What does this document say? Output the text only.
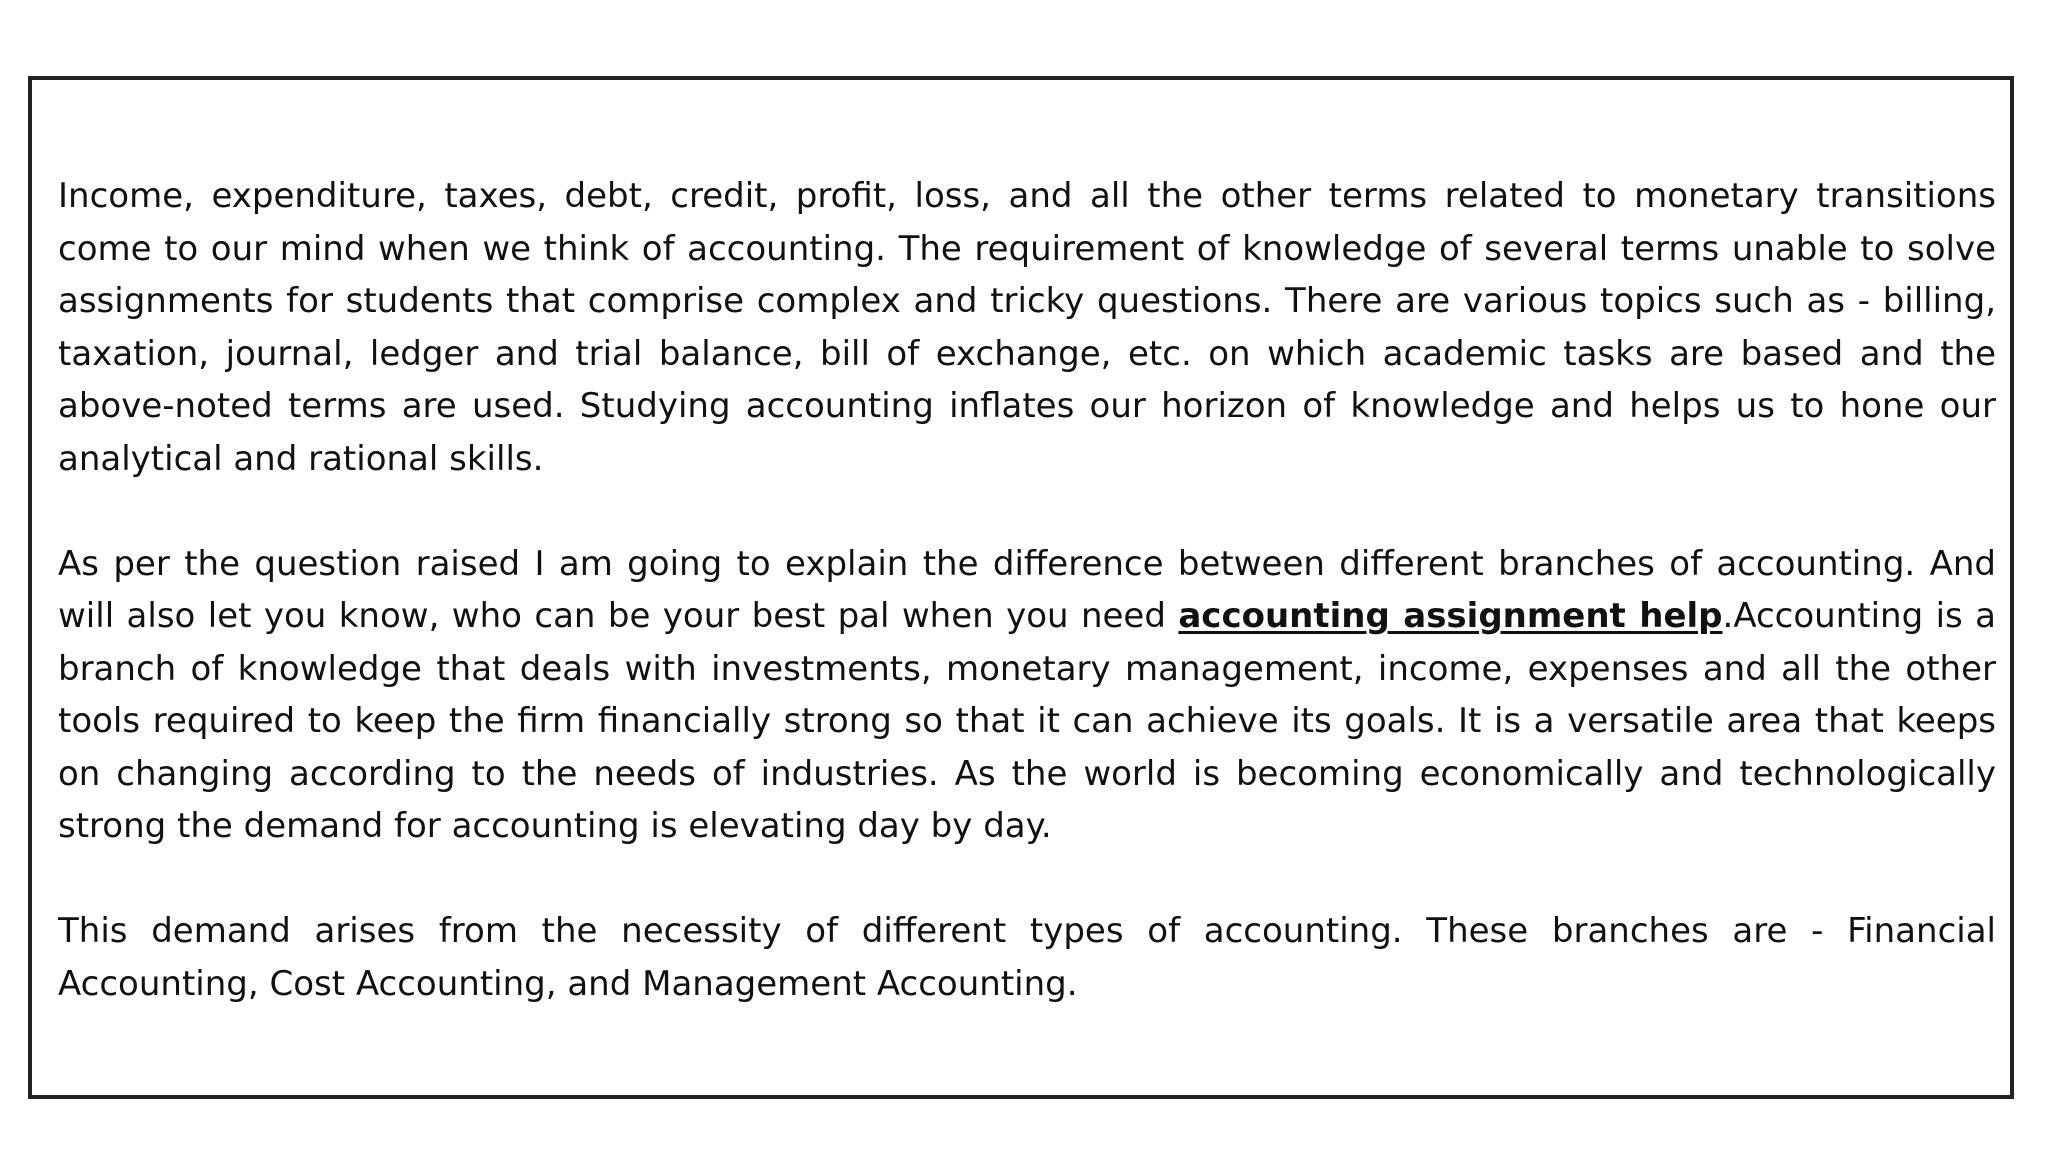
Income, expenditure, taxes, debt, credit, profit, loss, and all the other terms related to monetary transitions come to our mind when we think of accounting. The requirement of knowledge of several terms unable to solve assignments for students that comprise complex and tricky questions. There are various topics such as - billing, taxation, journal, ledger and trial balance, bill of exchange, etc. on which academic tasks are based and the above-noted terms are used. Studying accounting inflates our horizon of knowledge and helps us to hone our analytical and rational skills.

As per the question raised I am going to explain the difference between different branches of accounting. And will also let you know, who can be your best pal when you need accounting assignment help.Accounting is a branch of knowledge that deals with investments, monetary management, income, expenses and all the other tools required to keep the firm financially strong so that it can achieve its goals. It is a versatile area that keeps on changing according to the needs of industries. As the world is becoming economically and technologically strong the demand for accounting is elevating day by day.

This demand arises from the necessity of different types of accounting. These branches are - Financial Accounting, Cost Accounting, and Management Accounting.
